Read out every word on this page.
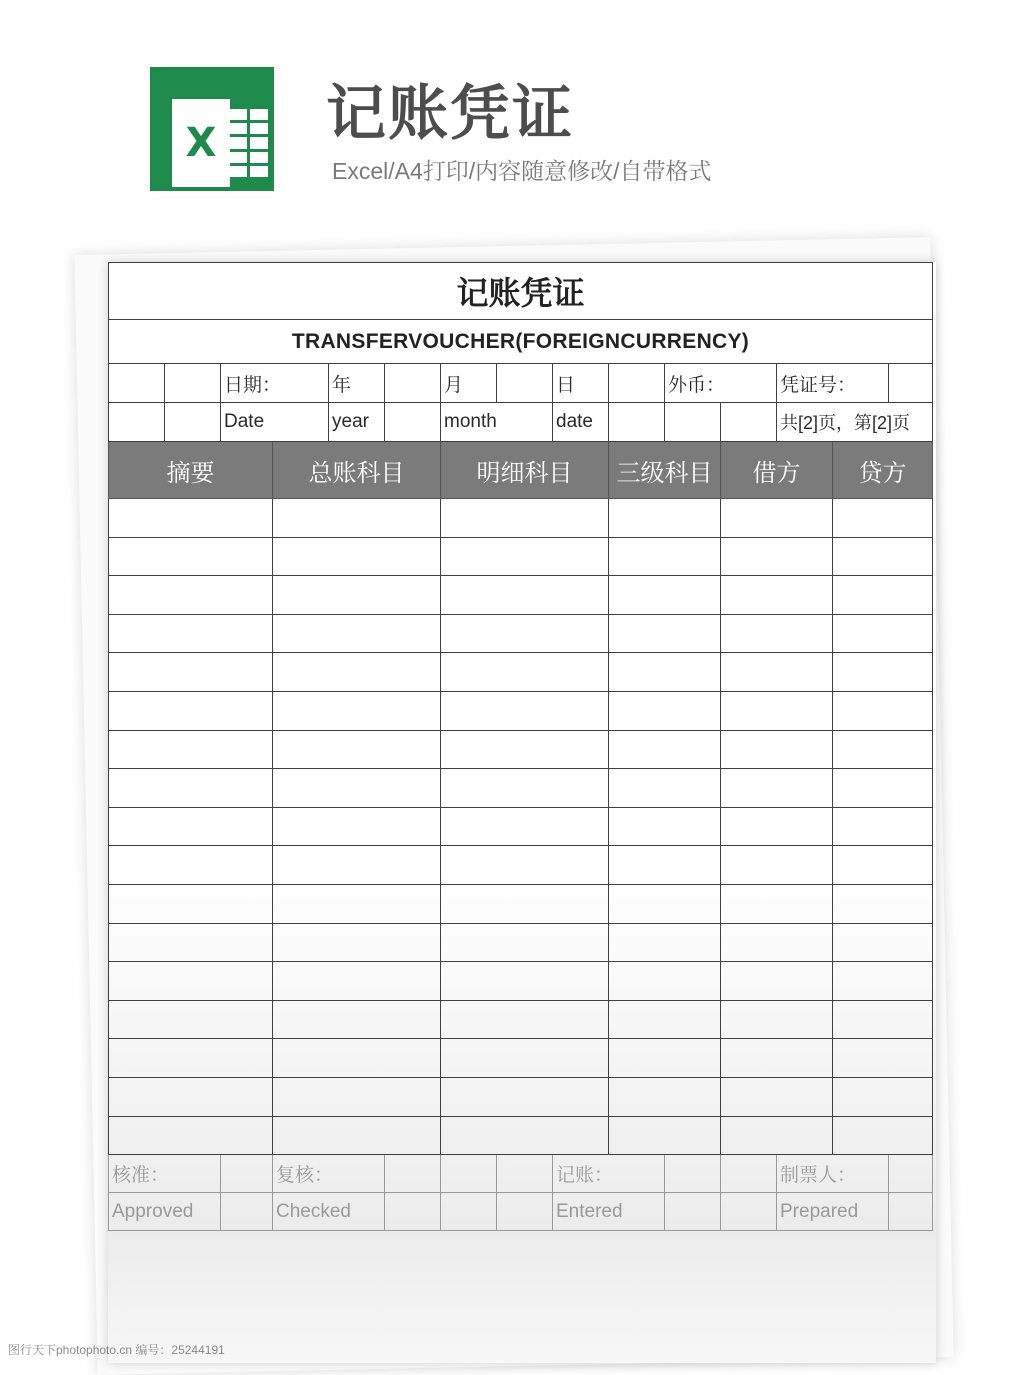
X 记账凭证
Excel/A4打印/内容随意修改/自带格式
记账凭证														
TRANSFERVOUCHER(FOREIGNCURRENCY)														
		日期：		年		月		日		外币：		凭证号：		
		Date		year		month		date				共[2]页，第[2]页		
摘要			总账科目			明细科目			三级科目		借方		贷方	

核准：			复核：					记账：				制票人：		
Approved			Checked					Entered				Prepared		
图行天下photophoto.cn 编号：25244191
